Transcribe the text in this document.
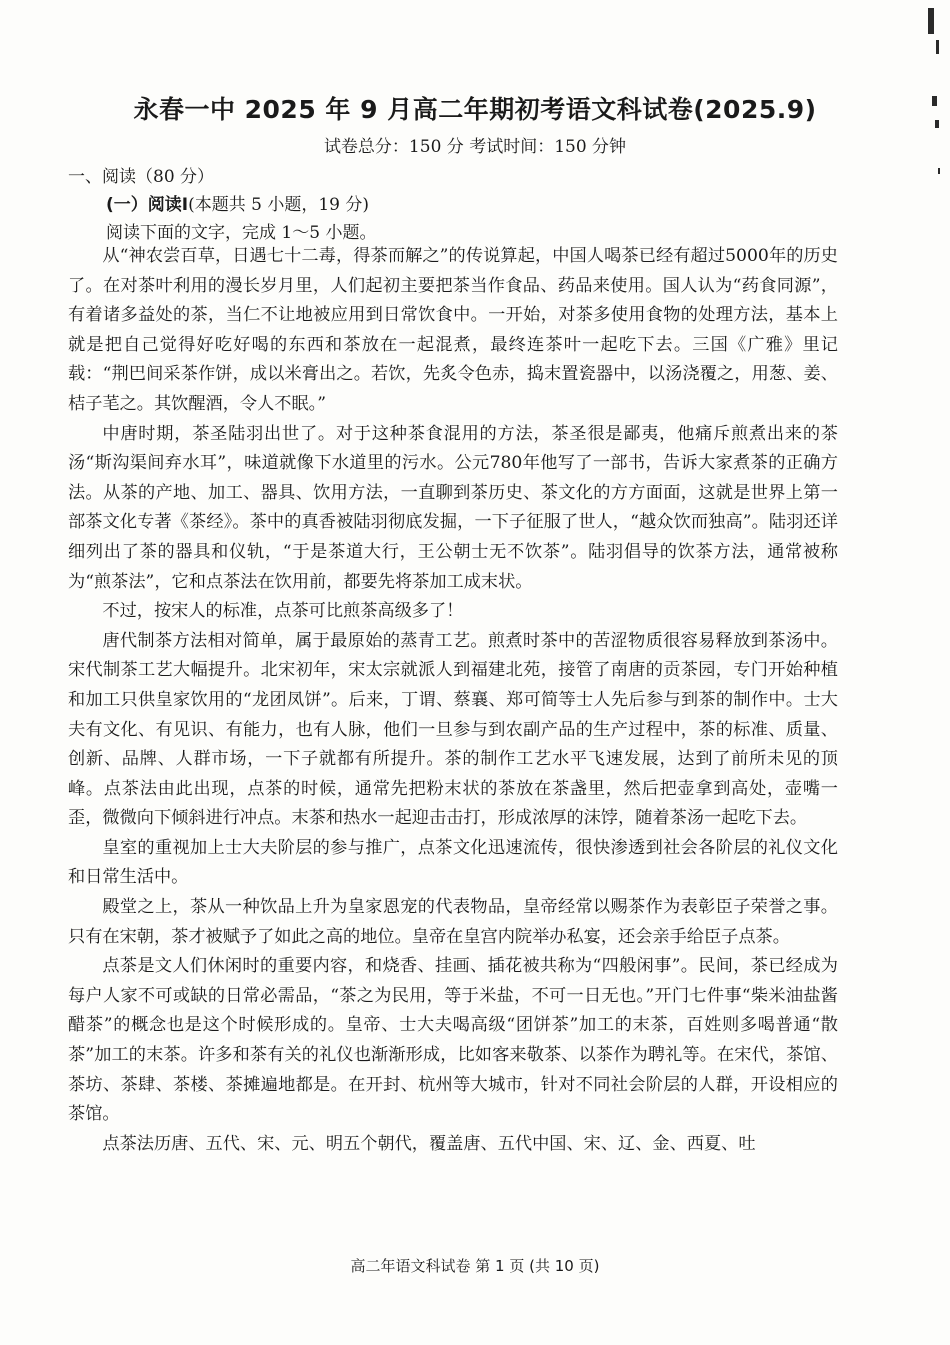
永春一中 2025 年 9 月高二年期初考语文科试卷(2025.9)
试卷总分：150 分 考试时间：150 分钟
一、阅读（80 分）
(一）阅读Ⅰ(本题共 5 小题，19 分)
阅读下面的文字，完成 1～5 小题。

从“神农尝百草，日遇七十二毒，得茶而解之”的传说算起，中国人喝茶已经有超过5000年的历史了。在对茶叶利用的漫长岁月里，人们起初主要把茶当作食品、药品来使用。国人认为“药食同源”，有着诸多益处的茶，当仁不让地被应用到日常饮食中。一开始，对茶多使用食物的处理方法，基本上就是把自己觉得好吃好喝的东西和茶放在一起混煮，最终连茶叶一起吃下去。三国《广雅》里记载：“荆巴间采茶作饼，成以米膏出之。若饮，先炙令色赤，捣末置瓷器中，以汤浇覆之，用葱、姜、桔子芼之。其饮醒酒，令人不眠。”

中唐时期，茶圣陆羽出世了。对于这种茶食混用的方法，茶圣很是鄙夷，他痛斥煎煮出来的茶汤“斯沟渠间弃水耳”，味道就像下水道里的污水。公元780年他写了一部书，告诉大家煮茶的正确方法。从茶的产地、加工、器具、饮用方法，一直聊到茶历史、茶文化的方方面面，这就是世界上第一部茶文化专著《茶经》。茶中的真香被陆羽彻底发掘，一下子征服了世人，“越众饮而独高”。陆羽还详细列出了茶的器具和仪轨，“于是茶道大行，王公朝士无不饮茶”。陆羽倡导的饮茶方法，通常被称为“煎茶法”，它和点茶法在饮用前，都要先将茶加工成末状。

不过，按宋人的标准，点茶可比煎茶高级多了！

唐代制茶方法相对简单，属于最原始的蒸青工艺。煎煮时茶中的苦涩物质很容易释放到茶汤中。宋代制茶工艺大幅提升。北宋初年，宋太宗就派人到福建北苑，接管了南唐的贡茶园，专门开始种植和加工只供皇家饮用的“龙团凤饼”。后来，丁谓、蔡襄、郑可简等士人先后参与到茶的制作中。士大夫有文化、有见识、有能力，也有人脉，他们一旦参与到农副产品的生产过程中，茶的标准、质量、创新、品牌、人群市场，一下子就都有所提升。茶的制作工艺水平飞速发展，达到了前所未见的顶峰。点茶法由此出现，点茶的时候，通常先把粉末状的茶放在茶盏里，然后把壶拿到高处，壶嘴一歪，微微向下倾斜进行冲点。末茶和热水一起迎击击打，形成浓厚的沫饽，随着茶汤一起吃下去。

皇室的重视加上士大夫阶层的参与推广，点茶文化迅速流传，很快渗透到社会各阶层的礼仪文化和日常生活中。

殿堂之上，茶从一种饮品上升为皇家恩宠的代表物品，皇帝经常以赐茶作为表彰臣子荣誉之事。只有在宋朝，茶才被赋予了如此之高的地位。皇帝在皇宫内院举办私宴，还会亲手给臣子点茶。

点茶是文人们休闲时的重要内容，和烧香、挂画、插花被共称为“四般闲事”。民间，茶已经成为每户人家不可或缺的日常必需品，“茶之为民用，等于米盐，不可一日无也。”开门七件事“柴米油盐酱醋茶”的概念也是这个时候形成的。皇帝、士大夫喝高级“团饼茶”加工的末茶，百姓则多喝普通“散茶”加工的末茶。许多和茶有关的礼仪也渐渐形成，比如客来敬茶、以茶作为聘礼等。在宋代，茶馆、茶坊、茶肆、茶楼、茶摊遍地都是。在开封、杭州等大城市，针对不同社会阶层的人群，开设相应的茶馆。

点茶法历唐、五代、宋、元、明五个朝代，覆盖唐、五代中国、宋、辽、金、西夏、吐

高二年语文科试卷 第 1 页 (共 10 页)
